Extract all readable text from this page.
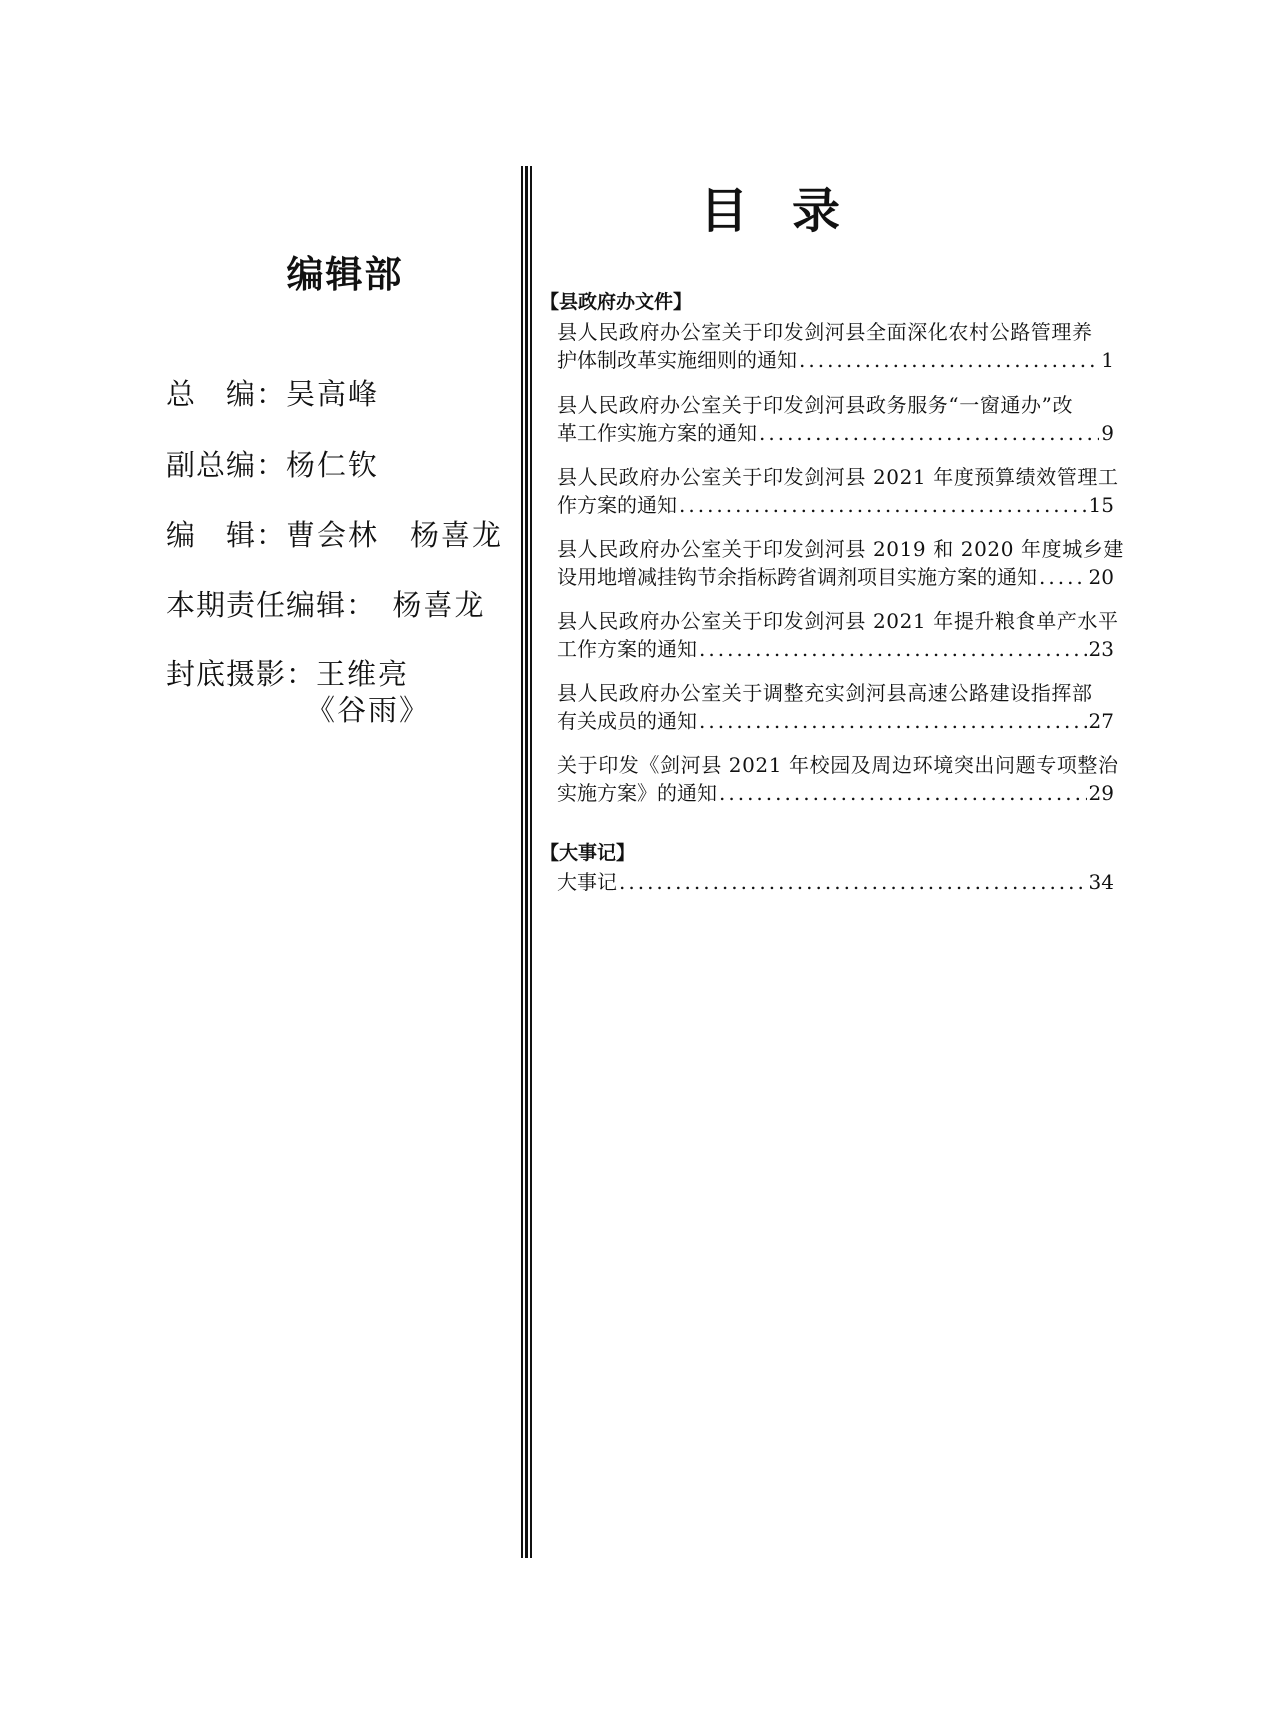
编辑部
总　编：吴高峰
副总编：杨仁钦
编　辑：曹会林　杨喜龙
本期责任编辑：　杨喜龙
封底摄影：王维亮
《谷雨》
目录
【县政府办文件】
县人民政府办公室关于印发剑河县全面深化农村公路管理养
护体制改革实施细则的通知 .....	1
县人民政府办公室关于印发剑河县政务服务“一窗通办”改
革工作实施方案的通知 .....	9
县人民政府办公室关于印发剑河县 2021 年度预算绩效管理工
作方案的通知 .....	15
县人民政府办公室关于印发剑河县 2019 和 2020 年度城乡建
设用地增减挂钩节余指标跨省调剂项目实施方案的通知 .....	20
县人民政府办公室关于印发剑河县 2021 年提升粮食单产水平
工作方案的通知 .....	23
县人民政府办公室关于调整充实剑河县高速公路建设指挥部
有关成员的通知 .....	27
关于印发《剑河县 2021 年校园及周边环境突出问题专项整治
实施方案》的通知 .....	29
【大事记】
大事记 .....	34
